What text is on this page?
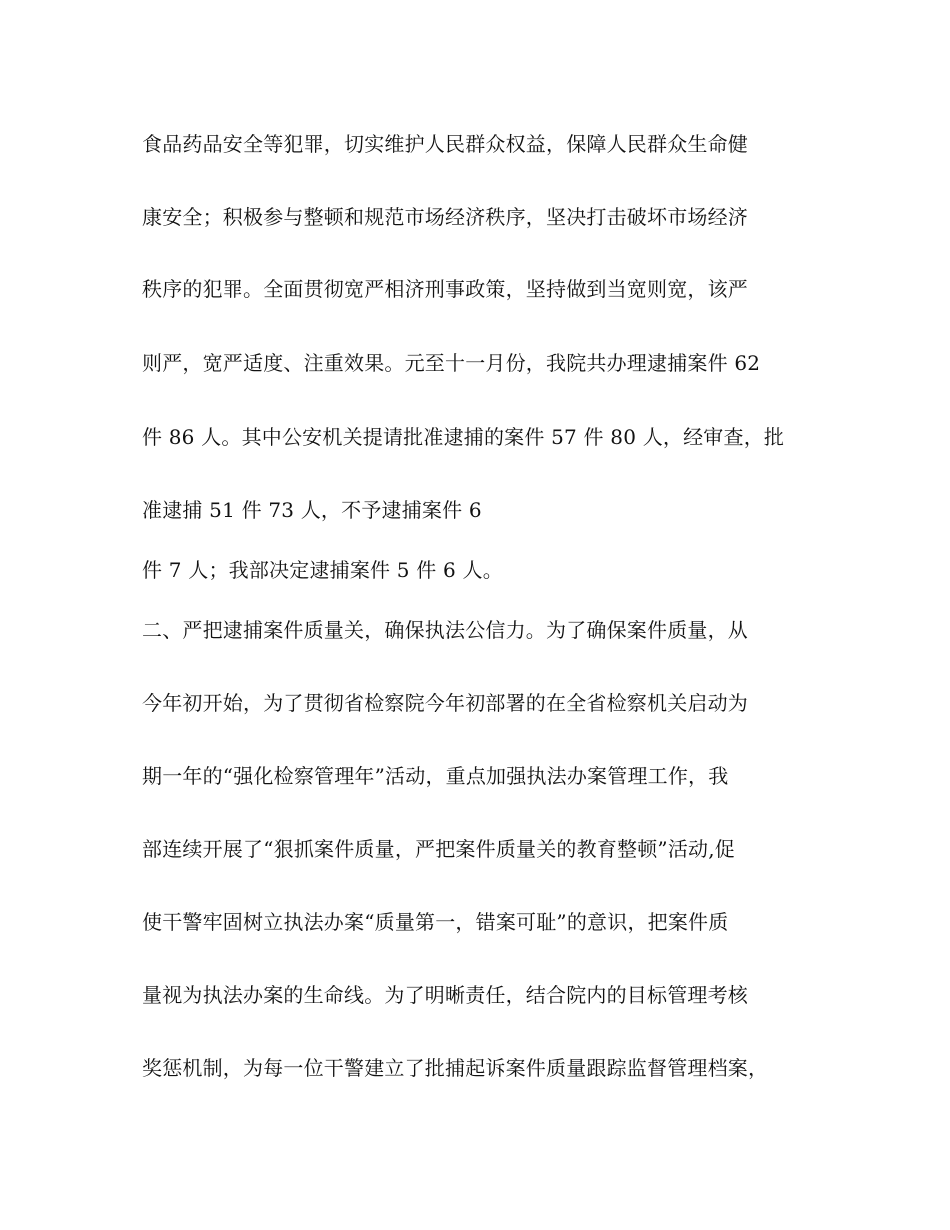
食品药品安全等犯罪，切实维护人民群众权益，保障人民群众生命健
康安全；积极参与整顿和规范市场经济秩序，坚决打击破坏市场经济
秩序的犯罪。全面贯彻宽严相济刑事政策，坚持做到当宽则宽，该严
则严，宽严适度、注重效果。元至十一月份，我院共办理逮捕案件 62
件 86 人。其中公安机关提请批准逮捕的案件 57 件 80 人，经审查，批
准逮捕 51 件 73 人，不予逮捕案件 6
件 7 人；我部决定逮捕案件 5 件 6 人。
二、严把逮捕案件质量关，确保执法公信力。为了确保案件质量，从
今年初开始，为了贯彻省检察院今年初部署的在全省检察机关启动为
期一年的“强化检察管理年”活动，重点加强执法办案管理工作，我
部连续开展了“狠抓案件质量，严把案件质量关的教育整顿”活动,促
使干警牢固树立执法办案“质量第一，错案可耻”的意识，把案件质
量视为执法办案的生命线。为了明晰责任，结合院内的目标管理考核
奖惩机制，为每一位干警建立了批捕起诉案件质量跟踪监督管理档案，
